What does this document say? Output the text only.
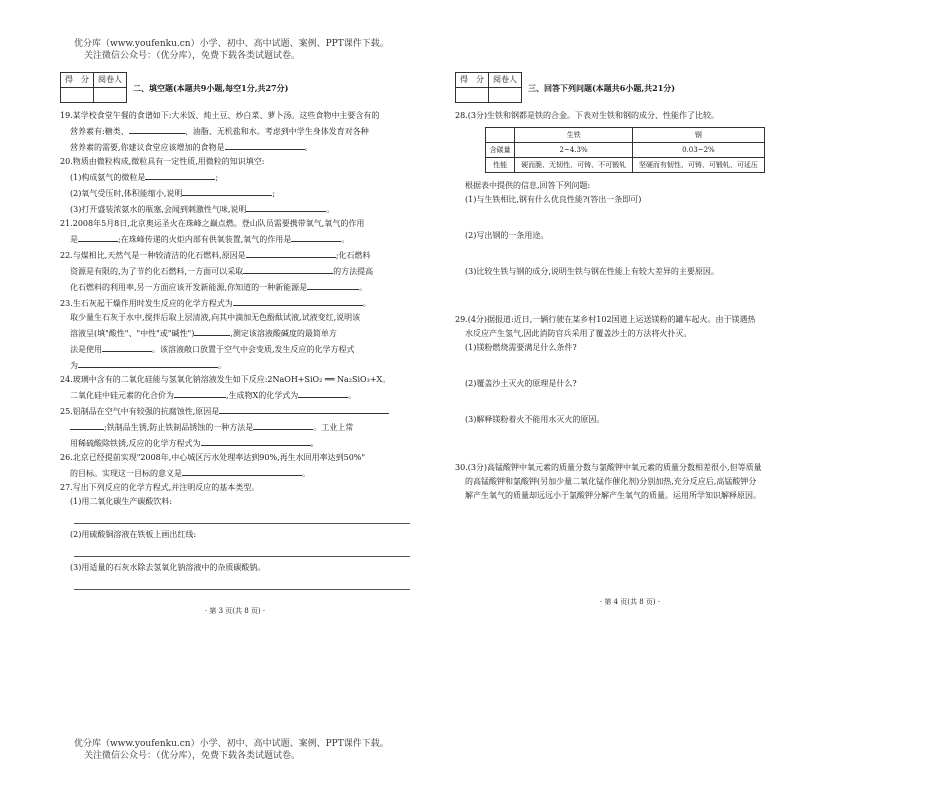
优分库（www.youfenku.cn）小学、初中、高中试题、案例、PPT课件下载。
关注微信公众号：（优分库），免费下载各类试题试卷。
得　分	阅卷人

二、填空题(本题共9小题,每空1分,共27分)
19.某学校食堂午餐的食谱如下:大米饭、炖土豆、炒白菜、萝卜汤。这些食物中主要含有的
营养素有:糖类、	、油脂、无机盐和水。考虑到中学生身体发育对各种
营养素的需要,你建议食堂应该增加的食物是	。
20.物质由微粒构成,微粒具有一定性质,用微粒的知识填空:
(1)构成氨气的微粒是	;
(2)氧气受压时,体积能缩小,说明	;
(3)打开盛装浓氨水的瓶塞,会闻到刺激性气味,说明	。
21.2008年5月8日,北京奥运圣火在珠峰之巅点燃。登山队员需要携带氧气,氧气的作用
是	;在珠峰传递的火炬内部有供氧装置,氧气的作用是	。
22.与煤相比,天然气是一种较清洁的化石燃料,原因是	;化石燃料
资源是有限的,为了节约化石燃料,一方面可以采取	的方法提高
化石燃料的利用率,另一方面应该开发新能源,你知道的一种新能源是	。
23.生石灰起干燥作用时发生反应的化学方程式为	。
取少量生石灰于水中,搅拌后取上层清液,向其中滴加无色酚酞试液,试液变红,说明该
溶液呈(填"酸性"、"中性"或"碱性")	,测定该溶液酸碱度的最简单方
法是使用	。该溶液敞口放置于空气中会变质,发生反应的化学方程式
为	。
24.玻璃中含有的二氧化硅能与氢氧化钠溶液发生如下反应:2NaOH+SiO₂ ══ Na₂SiO₃+X。
二氧化硅中硅元素的化合价为	,生成物X的化学式为	。
25.铝制品在空气中有较强的抗腐蚀性,原因是
;铁制品生锈,防止铁制品锈蚀的一种方法是	。工业上常
用稀硫酸除铁锈,反应的化学方程式为	。
26.北京已经提前实现"2008年,中心城区污水处理率达到90%,再生水回用率达到50%"
的目标。实现这一目标的意义是	。
27.写出下列反应的化学方程式,并注明反应的基本类型。
(1)用二氧化碳生产碳酸饮料:
(2)用硫酸铜溶液在铁板上画出红线:
(3)用适量的石灰水除去氢氧化钠溶液中的杂质碳酸钠。
· 第 3 页(共 8 页) ·
得　分	阅卷人

三、回答下列问题(本题共6小题,共21分)
28.(3分)生铁和钢都是铁的合金。下表对生铁和钢的成分、性能作了比较。
	生铁	钢
含碳量	2~4.3%	0.03~2%
性能	硬而脆、无韧性、可铸、不可锻轧	坚硬而有韧性、可铸、可锻轧、可延压
根据表中提供的信息,回答下列问题:
(1)与生铁相比,钢有什么优良性能?(答出一条即可)
(2)写出钢的一条用途。
(3)比较生铁与钢的成分,说明生铁与钢在性能上有较大差异的主要原因。
29.(4分)据报道:近日,一辆行驶在某乡村102国道上运送镁粉的罐车起火。由于镁遇热
水反应产生氢气,因此消防官兵采用了覆盖沙土的方法将火扑灭。
(1)镁粉燃烧需要满足什么条件?
(2)覆盖沙土灭火的原理是什么?
(3)解释镁粉着火不能用水灭火的原因。
30.(3分)高锰酸钾中氧元素的质量分数与氯酸钾中氧元素的质量分数相差很小,但等质量
的高锰酸钾和氯酸钾(另加少量二氧化锰作催化剂)分别加热,充分反应后,高锰酸钾分
解产生氧气的质量却远远小于氯酸钾分解产生氧气的质量。运用所学知识解释原因。
· 第 4 页(共 8 页) ·
优分库（www.youfenku.cn）小学、初中、高中试题、案例、PPT课件下载。
关注微信公众号：（优分库），免费下载各类试题试卷。
